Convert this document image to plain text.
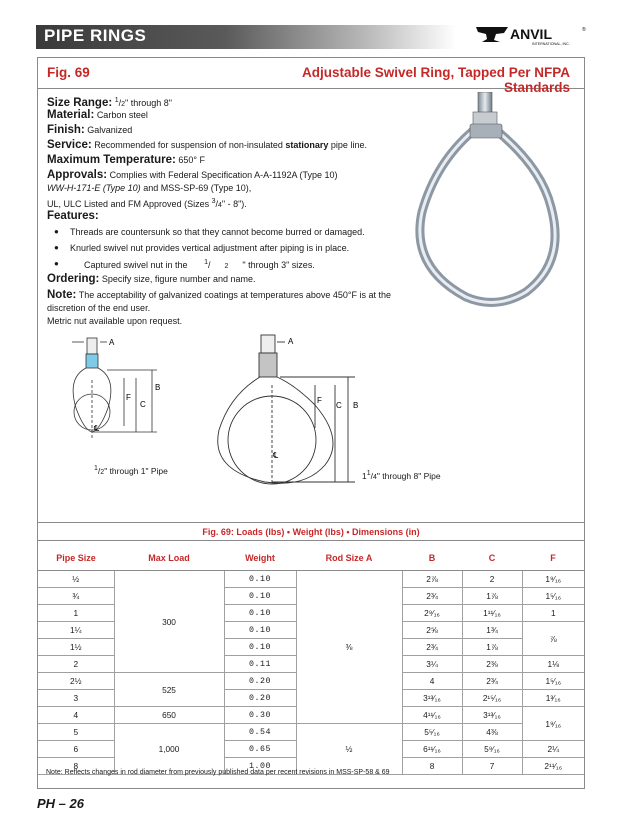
PIPE RINGS	ANVIL	®
INTERNATIONAL, INC.
Fig. 69	Adjustable Swivel Ring, Tapped Per NFPA Standards
Size Range: $^1$/2" through 8"
Material: Carbon steel
Finish: Galvanized
Service: Recommended for suspension of non-insulated stationary pipe line.
Maximum Temperature: 650° F
Approvals: Complies with Federal Specification A-A-1192A (Type 10)
WW-H-171-E (Type 10) and MSS-SP-69 (Type 10),
UL, ULC Listed and FM Approved (Sizes $^3$/4" - 8").
Features:
● Threads are countersunk so that they cannot become burred or damaged.
● Knurled swivel nut provides vertical adjustment after piping is in place.
● Captured swivel nut in the $^1$/ 2 " through 3" sizes.
Ordering: Specify size, figure number and name.
Note: The acceptability of galvanized coatings at temperatures above 450°F is at the
discretion of the end user.
Metric nut available upon request.
A
B
C
F
℄
$^1$/2" through 1" Pipe
A
B
C
F
℄
$1^1/4$" through 8" Pipe
Fig. 69: Loads (lbs) • Weight (lbs) • Dimensions (in)
Pipe Size	Max Load	Weight	Rod Size A	B	C	F
½	300	0.10	⅜	2⅞	2	1⁹⁄₁₆
¾		0.10		2¾	1⅞	1⁵⁄₁₆
1		0.10		2⁹⁄₁₆	1¹¹⁄₁₆	1
1¼		0.10		2⅝	1¾	⅞
1½		0.10		2¾	1⅞	
2		0.11		3¼	2⅜	1⅛
2½	525	0.20		4	2¾	1⁵⁄₁₆
3		0.20		3¹³⁄₁₆	2¹⁵⁄₁₆	1³⁄₁₆
4	650	0.30		4¹¹⁄₁₆	3¹³⁄₁₆	1⁹⁄₁₆
5	1,000	0.54	½	5⁵⁄₁₆	4⅜	
6		0.65		6¹¹⁄₁₆	5⁹⁄₁₆	2¼
8		1.00		8	7	2¹¹⁄₁₆
Note: Reflects changes in rod diameter from previously published data per recent revisions in MSS-SP-58 & 69
PH – 26
